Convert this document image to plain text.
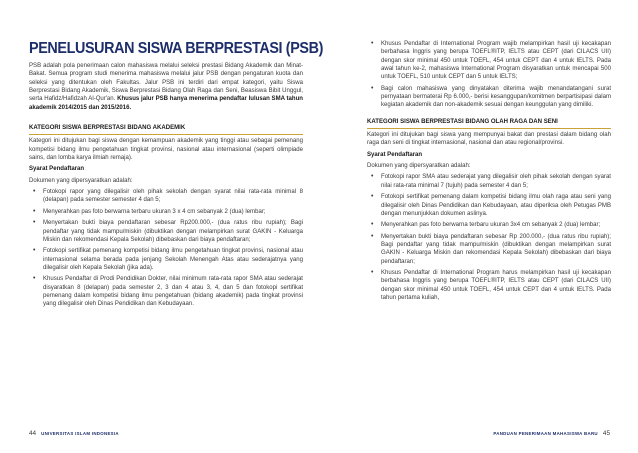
PENELUSURAN SISWA BERPRESTASI (PSB)

PSB adalah pola penerimaan calon mahasiswa melalui seleksi prestasi Bidang Akademik dan Minat-Bakat. Semua program studi menerima mahasiswa melalui jalur PSB dengan pengaturan kuota dan seleksi yang ditentukan oleh Fakultas. Jalur PSB ini terdiri dari empat kategori, yaitu Siswa Berprestasi Bidang Akademik, Siswa Berprestasi Bidang Olah Raga dan Seni, Beasiswa Bibit Unggul, serta Hafidz/Hafidzah Al-Qur'an. Khusus jalur PSB hanya menerima pendaftar lulusan SMA tahun akademik 2014/2015 dan 2015/2016.

KATEGORI SISWA BERPRESTASI BIDANG AKADEMIK

Kategori ini ditujukan bagi siswa dengan kemampuan akademik yang tinggi atau sebagai pemenang kompetisi bidang ilmu pengetahuan tingkat provinsi, nasional atau internasional (seperti olimpiade sains, dan lomba karya ilmiah remaja).

Syarat Pendaftaran

Dokumen yang dipersyaratkan adalah:

• Fotokopi rapor yang dilegalisir oleh pihak sekolah dengan syarat nilai rata-rata minimal 8 (delapan) pada semester semester 4 dan 5;
• Menyerahkan pas foto berwarna terbaru ukuran 3 x 4 cm sebanyak 2 (dua) lembar;
• Menyertakan bukti biaya pendaftaran sebesar Rp200.000,- (dua ratus ribu rupiah); Bagi pendaftar yang tidak mampu/miskin (dibuktikan dengan melampirkan surat GAKIN - Keluarga Miskin dan rekomendasi Kepala Sekolah) dibebaskan dari biaya pendaftaran;
• Fotokopi sertifikat pemenang kompetisi bidang ilmu pengetahuan tingkat provinsi, nasional atau internasional selama berada pada jenjang Sekolah Menengah Atas atau sederajatnya yang dilegalisir oleh Kepala Sekolah (jika ada).
• Khusus Pendaftar di Prodi Pendidikan Dokter, nilai minimum rata-rata rapor SMA atau sederajat disyaratkan 8 (delapan) pada semester 2, 3 dan 4 atau 3, 4, dan 5 dan fotokopi sertifikat pemenang dalam kompetisi bidang ilmu pengetahuan (bidang akademik) pada tingkat provinsi yang dilegalisir oleh Dinas Pendidikan dan Kebudayaan.
• Khusus Pendaftar di International Program wajib melampirkan hasil uji kecakapan berbahasa Inggris yang berupa TOEFL®ITP, IELTS atau CEPT (dari CILACS UII) dengan skor minimal 450 untuk TOEFL, 454 untuk CEPT dan 4 untuk IELTS. Pada awal tahun ke-2, mahasiswa International Program disyaratkan untuk mencapai 500 untuk TOEFL, 510 untuk CEPT dan 5 untuk IELTS;
• Bagi calon mahasiswa yang dinyatakan diterima wajib menandatangani surat pernyataan bermaterai Rp 6.000,- berisi kesanggupan/komitmen berpartisipasi dalam kegiatan akademik dan non-akademik sesuai dengan keunggulan yang dimiliki.
KATEGORI SISWA BERPRESTASI BIDANG OLAH RAGA DAN SENI

Kategori ini ditujukan bagi siswa yang mempunyai bakat dan prestasi dalam bidang olah raga dan seni di tingkat internasional, nasional dan atau regional/provinsi.

Syarat Pendaftaran

Dokumen yang dipersyaratkan adalah:

• Fotokopi rapor SMA atau sederajat yang dilegalisir oleh pihak sekolah dengan syarat nilai rata-rata minimal 7 (tujuh) pada semester 4 dan 5;
• Fotokopi sertifikat pemenang dalam kompetisi bidang ilmu olah raga atau seni yang dilegalisir oleh Dinas Pendidikan dan Kebudayaan, atau diperiksa oleh Petugas PMB dengan menunjukkan dokumen aslinya.
• Menyerahkan pas foto berwarna terbaru ukuran 3x4 cm sebanyak 2 (dua) lembar;
• Menyertakan bukti biaya pendaftaran sebesar Rp 200.000,- (dua ratus ribu rupiah); Bagi pendaftar yang tidak mampu/miskin (dibuktikan dengan melampirkan surat GAKIN - Keluarga Miskin dan rekomendasi Kepala Sekolah) dibebaskan dari biaya pendaftaran;
• Khusus Pendaftar di International Program harus melampirkan hasil uji kecakapan berbahasa Inggris yang berupa TOEFL®ITP, IELTS atau CEPT (dari CILACS UII) dengan skor minimal 450 untuk TOEFL, 454 untuk CEPT dan 4 untuk IELTS. Pada tahun pertama kuliah,
44 UNIVERSITAS ISLAM INDONESIA	PANDUAN PENERIMAAN MAHASISWA BARU 45
